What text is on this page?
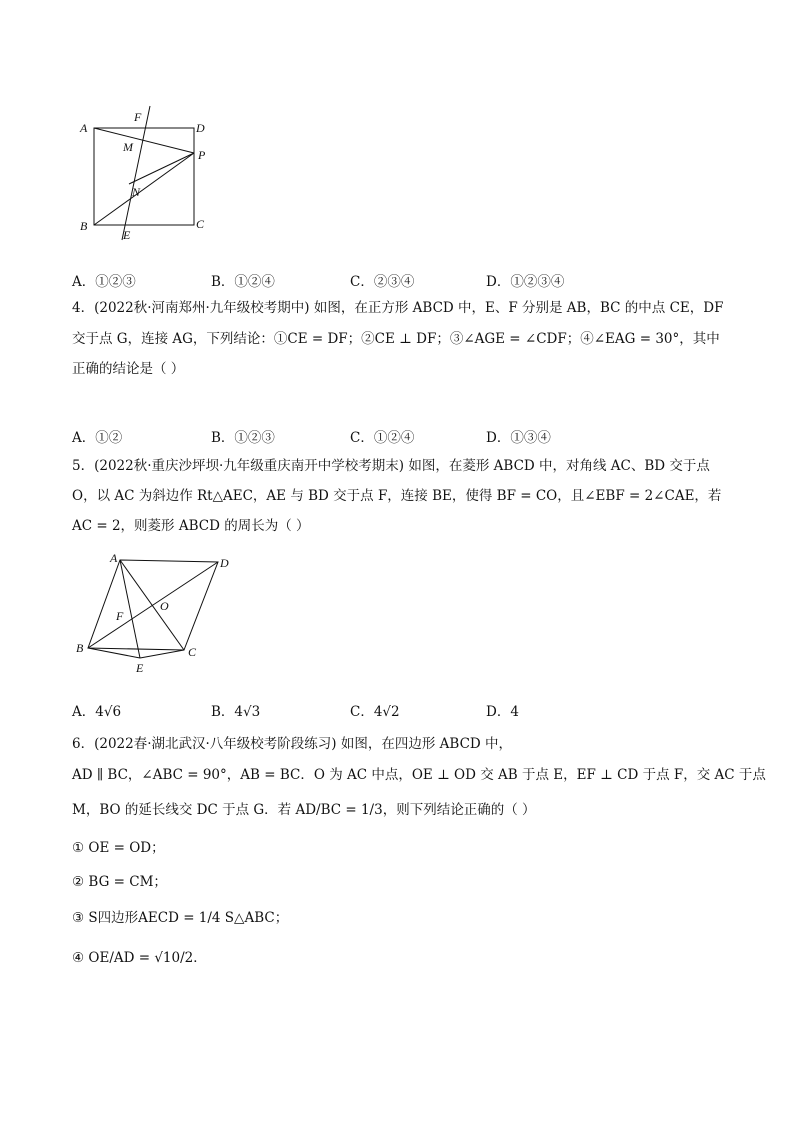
A	D
F
M
P
N
B	C
E
A．①②③	B．①②④	C．②③④	D．①②③④
4．(2022秋·河南郑州·九年级校考期中) 如图，在正方形 ABCD 中，E、F 分别是 AB，BC 的中点 CE，DF
交于点 G，连接 AG，下列结论：①CE = DF；②CE ⊥ DF；③∠AGE = ∠CDF；④∠EAG = 30°，其中
正确的结论是（ ）
A．①②	B．①②③	C．①②④	D．①③④
5．(2022秋·重庆沙坪坝·九年级重庆南开中学校考期末) 如图，在菱形 ABCD 中，对角线 AC、BD 交于点
O，以 AC 为斜边作 Rt△AEC，AE 与 BD 交于点 F，连接 BE，使得 BF = CO，且∠EBF = 2∠CAE，若
AC = 2，则菱形 ABCD 的周长为（ ）
A	D
O
F
B	C
E
A．4√6	B．4√3	C．4√2	D．4
6．(2022春·湖北武汉·八年级校考阶段练习) 如图，在四边形 ABCD 中，
AD ∥ BC，∠ABC = 90°，AB = BC．O 为 AC 中点，OE ⊥ OD 交 AB 于点 E，EF ⊥ CD 于点 F，交 AC 于点
M，BO 的延长线交 DC 于点 G．若 AD/BC = 1/3，则下列结论正确的（ ）
① OE = OD；
② BG = CM；
③ S四边形AECD = 1/4 S△ABC；
④ OE/AD = √10/2．
